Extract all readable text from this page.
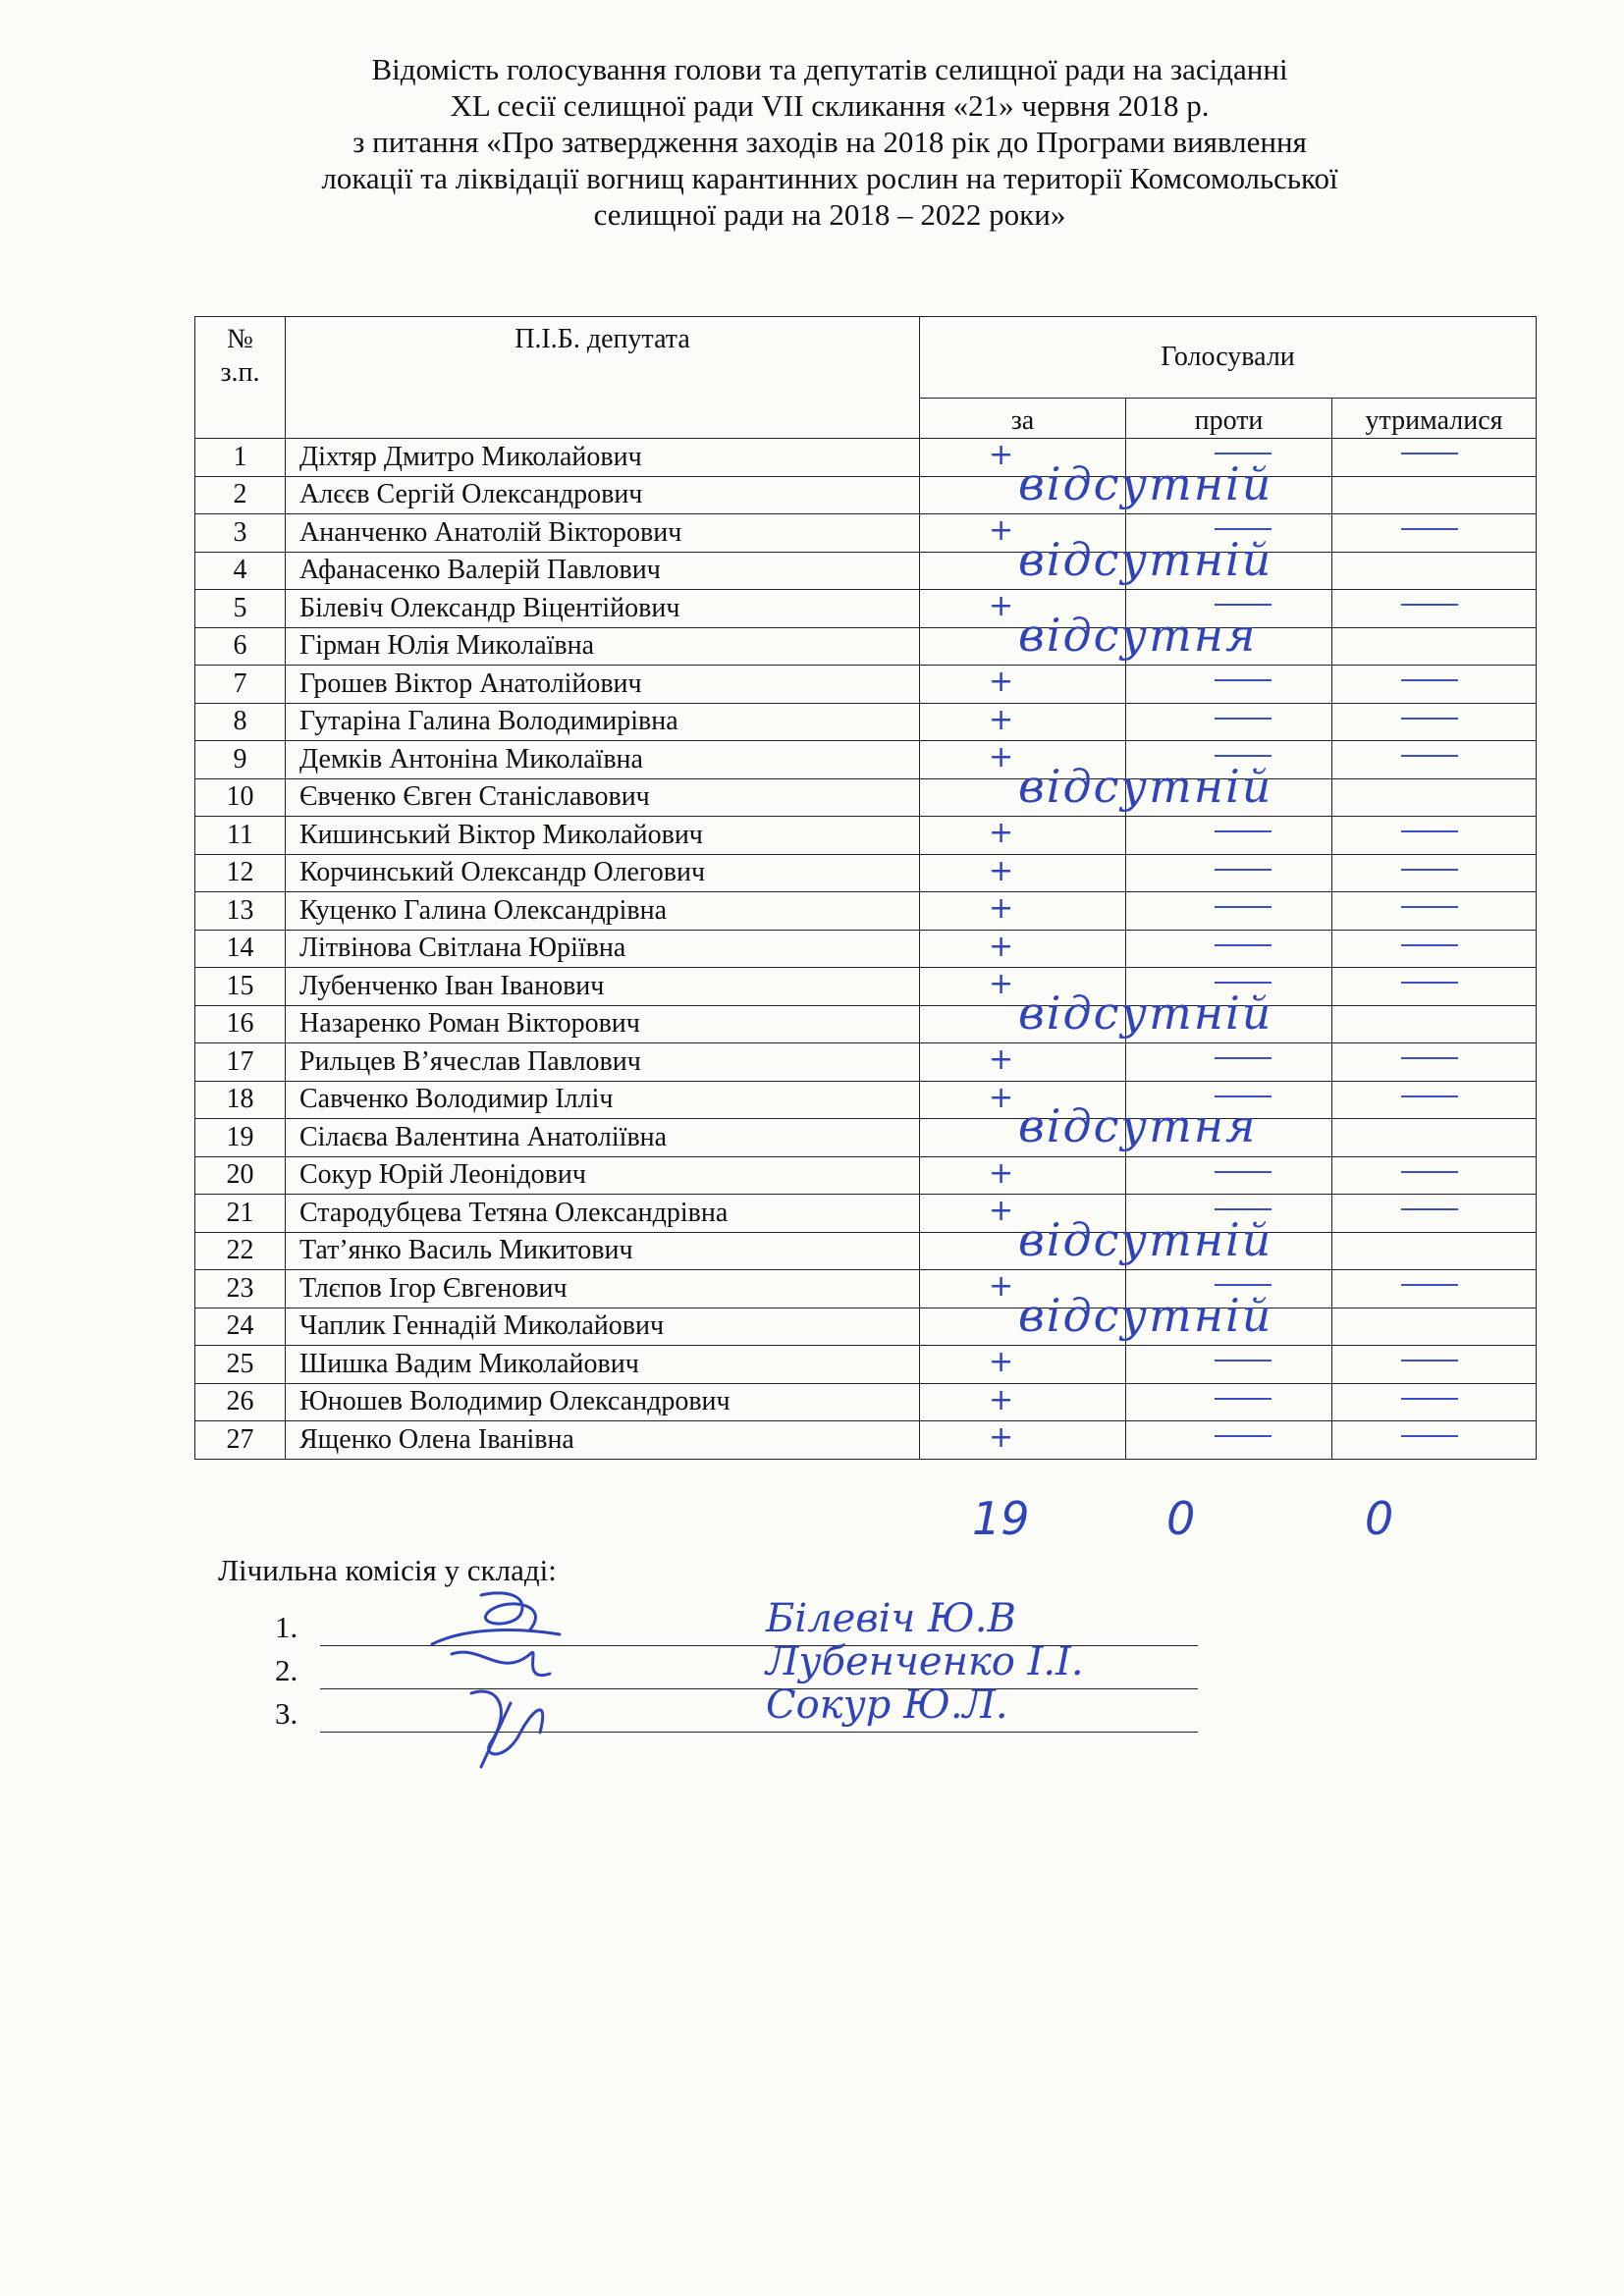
Відомість голосування голови та депутатів селищної ради на засіданні
XL сесії селищної ради VII скликання «21» червня 2018 р.
з питання «Про затвердження заходів на 2018 рік до Програми виявлення
локації та ліквідації вогнищ карантинних рослин на території Комсомольської
селищної ради на 2018 – 2022 роки»
№
з.п.	П.І.Б. депутата	Голосували		
		за	проти	утрималися
1	Діхтяр Дмитро Миколайович	+		

2	Алєєв Сергій Олександрович		відсутній	

3	Ананченко Анатолій Вікторович	+		

4	Афанасенко Валерій Павлович		відсутній	

5	Білевіч Олександр Віцентійович	+		

6	Гірман Юлія Миколаївна		відсутня	

7	Грошев Віктор Анатолійович	+		

8	Гутаріна Галина Володимирівна	+		

9	Демків Антоніна Миколаївна	+		

10	Євченко Євген Станіславович		відсутній	

11	Кишинський Віктор Миколайович	+		

12	Корчинський Олександр Олегович	+		

13	Куценко Галина Олександрівна	+		

14	Літвінова Світлана Юріївна	+		

15	Лубенченко Іван Іванович	+		

16	Назаренко Роман Вікторович		відсутній	

17	Рильцев В’ячеслав Павлович	+		

18	Савченко Володимир Ілліч	+		

19	Сілаєва Валентина Анатоліївна		відсутня	

20	Сокур Юрій Леонідович	+		

21	Стародубцева Тетяна Олександрівна	+		

22	Тат’янко Василь Микитович		відсутній	

23	Тлєпов Ігор Євгенович	+		

24	Чаплик Геннадій Миколайович		відсутній	

25	Шишка Вадим Миколайович	+		

26	Юношев Володимир Олександрович	+		

27	Ященко Олена Іванівна	+		

19	0	0
Лічильна комісія у складі:
1.	Білевіч Ю.В
2.	Лубенченко І.І.
3.	Сокур Ю.Л.
